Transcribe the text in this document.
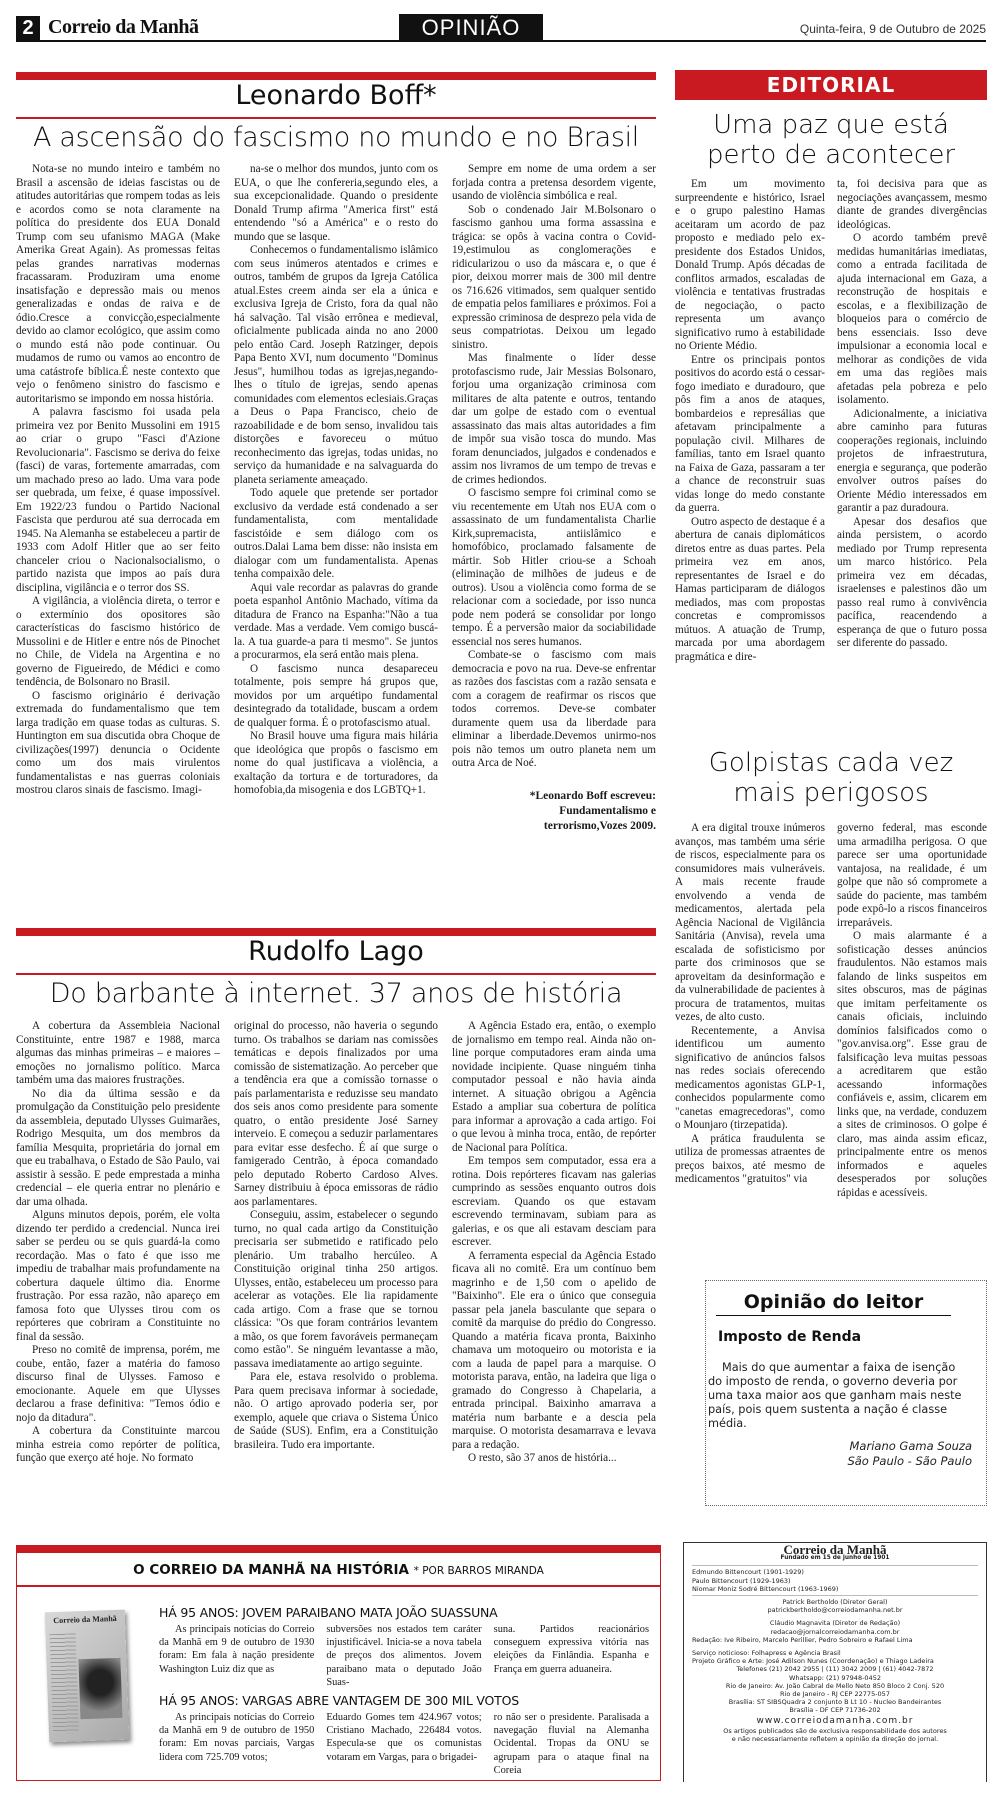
2 Correio da Manhã	OPINIÃO	Quinta-feira, 9 de Outubro de 2025
Leonardo Boff*
A ascensão do fascismo no mundo e no Brasil

Nota-se no mundo inteiro e também no Brasil a ascensão de ideias fascistas ou de atitudes autoritárias que rompem todas as leis e acordos como se nota claramente na política do presidente dos EUA Donald Trump com seu ufanismo MAGA (Make Amerika Great Again). As promessas feitas pelas grandes narrativas modernas fracassaram. Produziram uma enome insatisfação e depressão mais ou menos generalizadas e ondas de raiva e de ódio.Cresce a convicção,especialmente devido ao clamor ecológico, que assim como o mundo está não pode continuar. Ou mudamos de rumo ou vamos ao encontro de uma catástrofe bíblica.É neste contexto que vejo o fenômeno sinistro do fascismo e autoritarismo se impondo em nossa história.

A palavra fascismo foi usada pela primeira vez por Benito Mussolini em 1915 ao criar o grupo "Fasci d'Azione Revolucionaria". Fascismo se deriva do feixe (fasci) de varas, fortemente amarradas, com um machado preso ao lado. Uma vara pode ser quebrada, um feixe, é quase impossível. Em 1922/23 fundou o Partido Nacional Fascista que perdurou até sua derrocada em 1945. Na Alemanha se estabeleceu a partir de 1933 com Adolf Hitler que ao ser feito chanceler criou o Nacionalsocialismo, o partido nazista que impos ao país dura disciplina, vigilância e o terror dos SS.

A vigilância, a violência direta, o terror e o extermínio dos opositores são características do fascismo histórico de Mussolini e de Hitler e entre nós de Pinochet no Chile, de Videla na Argentina e no governo de Figueiredo, de Médici e como tendência, de Bolsonaro no Brasil.

O fascismo originário é derivação extremada do fundamentalismo que tem larga tradição em quase todas as culturas. S. Huntington em sua discutida obra Choque de civilizações(1997) denuncia o Ocidente como um dos mais virulentos fundamentalistas e nas guerras coloniais mostrou claros sinais de fascismo. Imagi-

na-se o melhor dos mundos, junto com os EUA, o que lhe confereria,segundo eles, a sua excepcionalidade. Quando o presidente Donald Trump afirma "America first" está entendendo "só a América" e o resto do mundo que se lasque.

Conhecemos o fundamentalismo islâmico com seus inúmeros atentados e crimes e outros, também de grupos da Igreja Católica atual.Estes creem ainda ser ela a única e exclusiva Igreja de Cristo, fora da qual não há salvação. Tal visão errônea e medieval, oficialmente publicada ainda no ano 2000 pelo então Card. Joseph Ratzinger, depois Papa Bento XVI, num documento "Dominus Jesus", humilhou todas as igrejas,negando-lhes o título de igrejas, sendo apenas comunidades com elementos eclesiais.Graças a Deus o Papa Francisco, cheio de razoabilidade e de bom senso, invalidou tais distorções e favoreceu o mútuo reconhecimento das igrejas, todas unidas, no serviço da humanidade e na salvaguarda do planeta seriamente ameaçado.

Todo aquele que pretende ser portador exclusivo da verdade está condenado a ser fundamentalista, com mentalidade fascistóide e sem diálogo com os outros.Dalai Lama bem disse: não insista em dialogar com um fundamentalista. Apenas tenha compaixão dele.

Aqui vale recordar as palavras do grande poeta espanhol Antônio Machado, vítima da ditadura de Franco na Espanha:"Não a tua verdade. Mas a verdade. Vem comigo buscá-la. A tua guarde-a para ti mesmo". Se juntos a procurarmos, ela será então mais plena.

O fascismo nunca desapareceu totalmente, pois sempre há grupos que, movidos por um arquétipo fundamental desintegrado da totalidade, buscam a ordem de qualquer forma. É o protofascismo atual.

No Brasil houve uma figura mais hilária que ideológica que propôs o fascismo em nome do qual justificava a violência, a exaltação da tortura e de torturadores, da homofobia,da misogenia e dos LGBTQ+1.

Sempre em nome de uma ordem a ser forjada contra a pretensa desordem vigente, usando de violência simbólica e real.

Sob o condenado Jair M.Bolsonaro o fascismo ganhou uma forma assassina e trágica: se opôs à vacina contra o Covid-19,estimulou as conglomerações e ridicularizou o uso da máscara e, o que é pior, deixou morrer mais de 300 mil dentre os 716.626 vitimados, sem qualquer sentido de empatia pelos familiares e próximos. Foi a expressão criminosa de desprezo pela vida de seus compatriotas. Deixou um legado sinistro.

Mas finalmente o líder desse protofascismo rude, Jair Messias Bolsonaro, forjou uma organização criminosa com militares de alta patente e outros, tentando dar um golpe de estado com o eventual assassinato das mais altas autoridades a fim de impôr sua visão tosca do mundo. Mas foram denunciados, julgados e condenados e assim nos livramos de um tempo de trevas e de crimes hediondos.

O fascismo sempre foi criminal como se viu recentemente em Utah nos EUA com o assassinato de um fundamentalista Charlie Kirk,supremacista, antiislâmico e homofóbico, proclamado falsamente de mártir. Sob Hitler criou-se a Schoah (eliminação de milhões de judeus e de outros). Usou a violência como forma de se relacionar com a sociedade, por isso nunca pode nem poderá se consolidar por longo tempo. É a perversão maior da sociabilidade essencial nos seres humanos.

Combate-se o fascismo com mais democracia e povo na rua. Deve-se enfrentar as razões dos fascistas com a razão sensata e com a coragem de reafirmar os riscos que todos corremos. Deve-se combater duramente quem usa da liberdade para eliminar a liberdade.Devemos unirmo-nos pois não temos um outro planeta nem um outra Arca de Noé.

*Leonardo Boff escreveu:
Fundamentalismo e
terrorismo,Vozes 2009.
EDITORIAL
Uma paz que está
perto de acontecer

Em um movimento surpreendente e histórico, Israel e o grupo palestino Hamas aceitaram um acordo de paz proposto e mediado pelo ex-presidente dos Estados Unidos, Donald Trump. Após décadas de conflitos armados, escaladas de violência e tentativas frustradas de negociação, o pacto representa um avanço significativo rumo à estabilidade no Oriente Médio.

Entre os principais pontos positivos do acordo está o cessar-fogo imediato e duradouro, que pôs fim a anos de ataques, bombardeios e represálias que afetavam principalmente a população civil. Milhares de famílias, tanto em Israel quanto na Faixa de Gaza, passaram a ter a chance de reconstruir suas vidas longe do medo constante da guerra.

Outro aspecto de destaque é a abertura de canais diplomáticos diretos entre as duas partes. Pela primeira vez em anos, representantes de Israel e do Hamas participaram de diálogos mediados, mas com propostas concretas e compromissos mútuos. A atuação de Trump, marcada por uma abordagem pragmática e dire-

ta, foi decisiva para que as negociações avançassem, mesmo diante de grandes divergências ideológicas.

O acordo também prevê medidas humanitárias imediatas, como a entrada facilitada de ajuda internacional em Gaza, a reconstrução de hospitais e escolas, e a flexibilização de bloqueios para o comércio de bens essenciais. Isso deve impulsionar a economia local e melhorar as condições de vida em uma das regiões mais afetadas pela pobreza e pelo isolamento.

Adicionalmente, a iniciativa abre caminho para futuras cooperações regionais, incluindo projetos de infraestrutura, energia e segurança, que poderão envolver outros países do Oriente Médio interessados em garantir a paz duradoura.

Apesar dos desafios que ainda persistem, o acordo mediado por Trump representa um marco histórico. Pela primeira vez em décadas, israelenses e palestinos dão um passo real rumo à convivência pacífica, reacendendo a esperança de que o futuro possa ser diferente do passado.

Golpistas cada vez
mais perigosos

A era digital trouxe inúmeros avanços, mas também uma série de riscos, especialmente para os consumidores mais vulneráveis. A mais recente fraude envolvendo a venda de medicamentos, alertada pela Agência Nacional de Vigilância Sanitária (Anvisa), revela uma escalada de sofisticismo por parte dos criminosos que se aproveitam da desinformação e da vulnerabilidade de pacientes à procura de tratamentos, muitas vezes, de alto custo.

Recentemente, a Anvisa identificou um aumento significativo de anúncios falsos nas redes sociais oferecendo medicamentos agonistas GLP-1, conhecidos popularmente como "canetas emagrecedoras", como o Mounjaro (tirzepatida).

A prática fraudulenta se utiliza de promessas atraentes de preços baixos, até mesmo de medicamentos "gratuitos" via

governo federal, mas esconde uma armadilha perigosa. O que parece ser uma oportunidade vantajosa, na realidade, é um golpe que não só compromete a saúde do paciente, mas também pode expô-lo a riscos financeiros irreparáveis.

O mais alarmante é a sofisticação desses anúncios fraudulentos. Não estamos mais falando de links suspeitos em sites obscuros, mas de páginas que imitam perfeitamente os canais oficiais, incluindo domínios falsificados como o "gov.anvisa.org". Esse grau de falsificação leva muitas pessoas a acreditarem que estão acessando informações confiáveis e, assim, clicarem em links que, na verdade, conduzem a sites de criminosos. O golpe é claro, mas ainda assim eficaz, principalmente entre os menos informados e aqueles desesperados por soluções rápidas e acessíveis.

Rudolfo Lago
Do barbante à internet. 37 anos de história

A cobertura da Assembleia Nacional Constituinte, entre 1987 e 1988, marca algumas das minhas primeiras – e maiores – emoções no jornalismo político. Marca também uma das maiores frustrações.

No dia da última sessão e da promulgação da Constituição pelo presidente da assembleia, deputado Ulysses Guimarães, Rodrigo Mesquita, um dos membros da família Mesquita, proprietária do jornal em que eu trabalhava, o Estado de São Paulo, vai assistir à sessão. E pede emprestada a minha credencial – ele queria entrar no plenário e dar uma olhada.

Alguns minutos depois, porém, ele volta dizendo ter perdido a credencial. Nunca irei saber se perdeu ou se quis guardá-la como recordação. Mas o fato é que isso me impediu de trabalhar mais profundamente na cobertura daquele último dia. Enorme frustração. Por essa razão, não apareço em famosa foto que Ulysses tirou com os repórteres que cobriram a Constituinte no final da sessão.

Preso no comitê de imprensa, porém, me coube, então, fazer a matéria do famoso discurso final de Ulysses. Famoso e emocionante. Aquele em que Ulysses declarou a frase definitiva: "Temos ódio e nojo da ditadura".

A cobertura da Constituinte marcou minha estreia como repórter de política, função que exerço até hoje. No formato

original do processo, não haveria o segundo turno. Os trabalhos se dariam nas comissões temáticas e depois finalizados por uma comissão de sistematização. Ao perceber que a tendência era que a comissão tornasse o país parlamentarista e reduzisse seu mandato dos seis anos como presidente para somente quatro, o então presidente José Sarney interveio. E começou a seduzir parlamentares para evitar esse desfecho. É aí que surge o famigerado Centrão, à época comandado pelo deputado Roberto Cardoso Alves. Sarney distribuiu à época emissoras de rádio aos parlamentares.

Conseguiu, assim, estabelecer o segundo turno, no qual cada artigo da Constituição precisaria ser submetido e ratificado pelo plenário. Um trabalho hercúleo. A Constituição original tinha 250 artigos. Ulysses, então, estabeleceu um processo para acelerar as votações. Ele lia rapidamente cada artigo. Com a frase que se tornou clássica: "Os que foram contrários levantem a mão, os que forem favoráveis permaneçam como estão". Se ninguém levantasse a mão, passava imediatamente ao artigo seguinte.

Para ele, estava resolvido o problema. Para quem precisava informar à sociedade, não. O artigo aprovado poderia ser, por exemplo, aquele que criava o Sistema Único de Saúde (SUS). Enfim, era a Constituição brasileira. Tudo era importante.

A Agência Estado era, então, o exemplo de jornalismo em tempo real. Ainda não on-line porque computadores eram ainda uma novidade incipiente. Quase ninguém tinha computador pessoal e não havia ainda internet. A situação obrigou a Agência Estado a ampliar sua cobertura de política para informar a aprovação a cada artigo. Foi o que levou à minha troca, então, de repórter de Nacional para Política.

Em tempos sem computador, essa era a rotina. Dois repórteres ficavam nas galerias cumprindo as sessões enquanto outros dois escreviam. Quando os que estavam escrevendo terminavam, subiam para as galerias, e os que ali estavam desciam para escrever.

A ferramenta especial da Agência Estado ficava ali no comitê. Era um contínuo bem magrinho e de 1,50 com o apelido de "Baixinho". Ele era o único que conseguia passar pela janela basculante que separa o comitê da marquise do prédio do Congresso. Quando a matéria ficava pronta, Baixinho chamava um motoqueiro ou motorista e ia com a lauda de papel para a marquise. O motorista parava, então, na ladeira que liga o gramado do Congresso à Chapelaria, a entrada principal. Baixinho amarrava a matéria num barbante e a descia pela marquise. O motorista desamarrava e levava para a redação.

O resto, são 37 anos de história...

Opinião do leitor
Imposto de Renda
Mais do que aumentar a faixa de isenção do imposto de renda, o governo deveria por uma taxa maior aos que ganham mais neste país, pois quem sustenta a nação é classe média.
Mariano Gama Souza
São Paulo - São Paulo
O CORREIO DA MANHÃ NA HISTÓRIA * POR BARROS MIRANDA
Correio da Manhã	HÁ 95 ANOS: JOVEM PARAIBANO MATA JOÃO SUASSUNA

As principais notícias do Correio da Manhã em 9 de outubro de 1930 foram: Em fala à nação presidente Washington Luiz diz que as

subversões nos estados tem caráter injustificável. Inicia-se a nova tabela de preços dos alimentos. Jovem paraibano mata o deputado João Suas-

suna. Partidos reacionários conseguem expressiva vitória nas eleições da Finlândia. Espanha e França em guerra aduaneira.

HÁ 95 ANOS: VARGAS ABRE VANTAGEM DE 300 MIL VOTOS

As principais notícias do Correio da Manhã em 9 de outubro de 1950 foram: Em novas parciais, Vargas lidera com 725.709 votos;

Eduardo Gomes tem 424.967 votos; Cristiano Machado, 226484 votos. Especula-se que os comunistas votaram em Vargas, para o brigadei-

ro não ser o presidente. Paralisada a navegação fluvial na Alemanha Ocidental. Tropas da ONU se agrupam para o ataque final na Coreia

Correio da Manhã
Fundado em 15 de junho de 1901
Edmundo Bittencourt (1901-1929)
Paulo Bittencourt (1929-1963)
Niomar Moniz Sodré Bittencourt (1963-1969)
Patrick Bertholdo (Diretor Geral)
patrickbertholdo@correiodamanha.net.br
Cláudio Magnavita (Diretor de Redação)
redacao@jornalcorreiodamanha.com.br
Redação: Ive Ribeiro, Marcelo Perillier, Pedro Sobreiro e Rafael Lima
Serviço noticioso: Folhapress e Agência Brasil
Projeto Gráfico e Arte: José Adilson Nunes (Coordenação) e Thiago Ladeira
Telefones (21) 2042 2955 | (11) 3042 2009 | (61) 4042-7872
Whatsapp: (21) 97948-0452
Rio de Janeiro: Av. João Cabral de Mello Neto 850 Bloco 2 Conj. 520
Rio de Janeiro - RJ CEP 22775-057
Brasília: ST SIBSQuadra 2 conjunto B Lt 10 - Nucleo Bandeirantes
Brasília - DF CEP 71736-202
www.correiodamanha.com.br
Os artigos publicados são de exclusiva responsabilidade dos autores
e não necessariamente refletem a opinião da direção do jornal.
